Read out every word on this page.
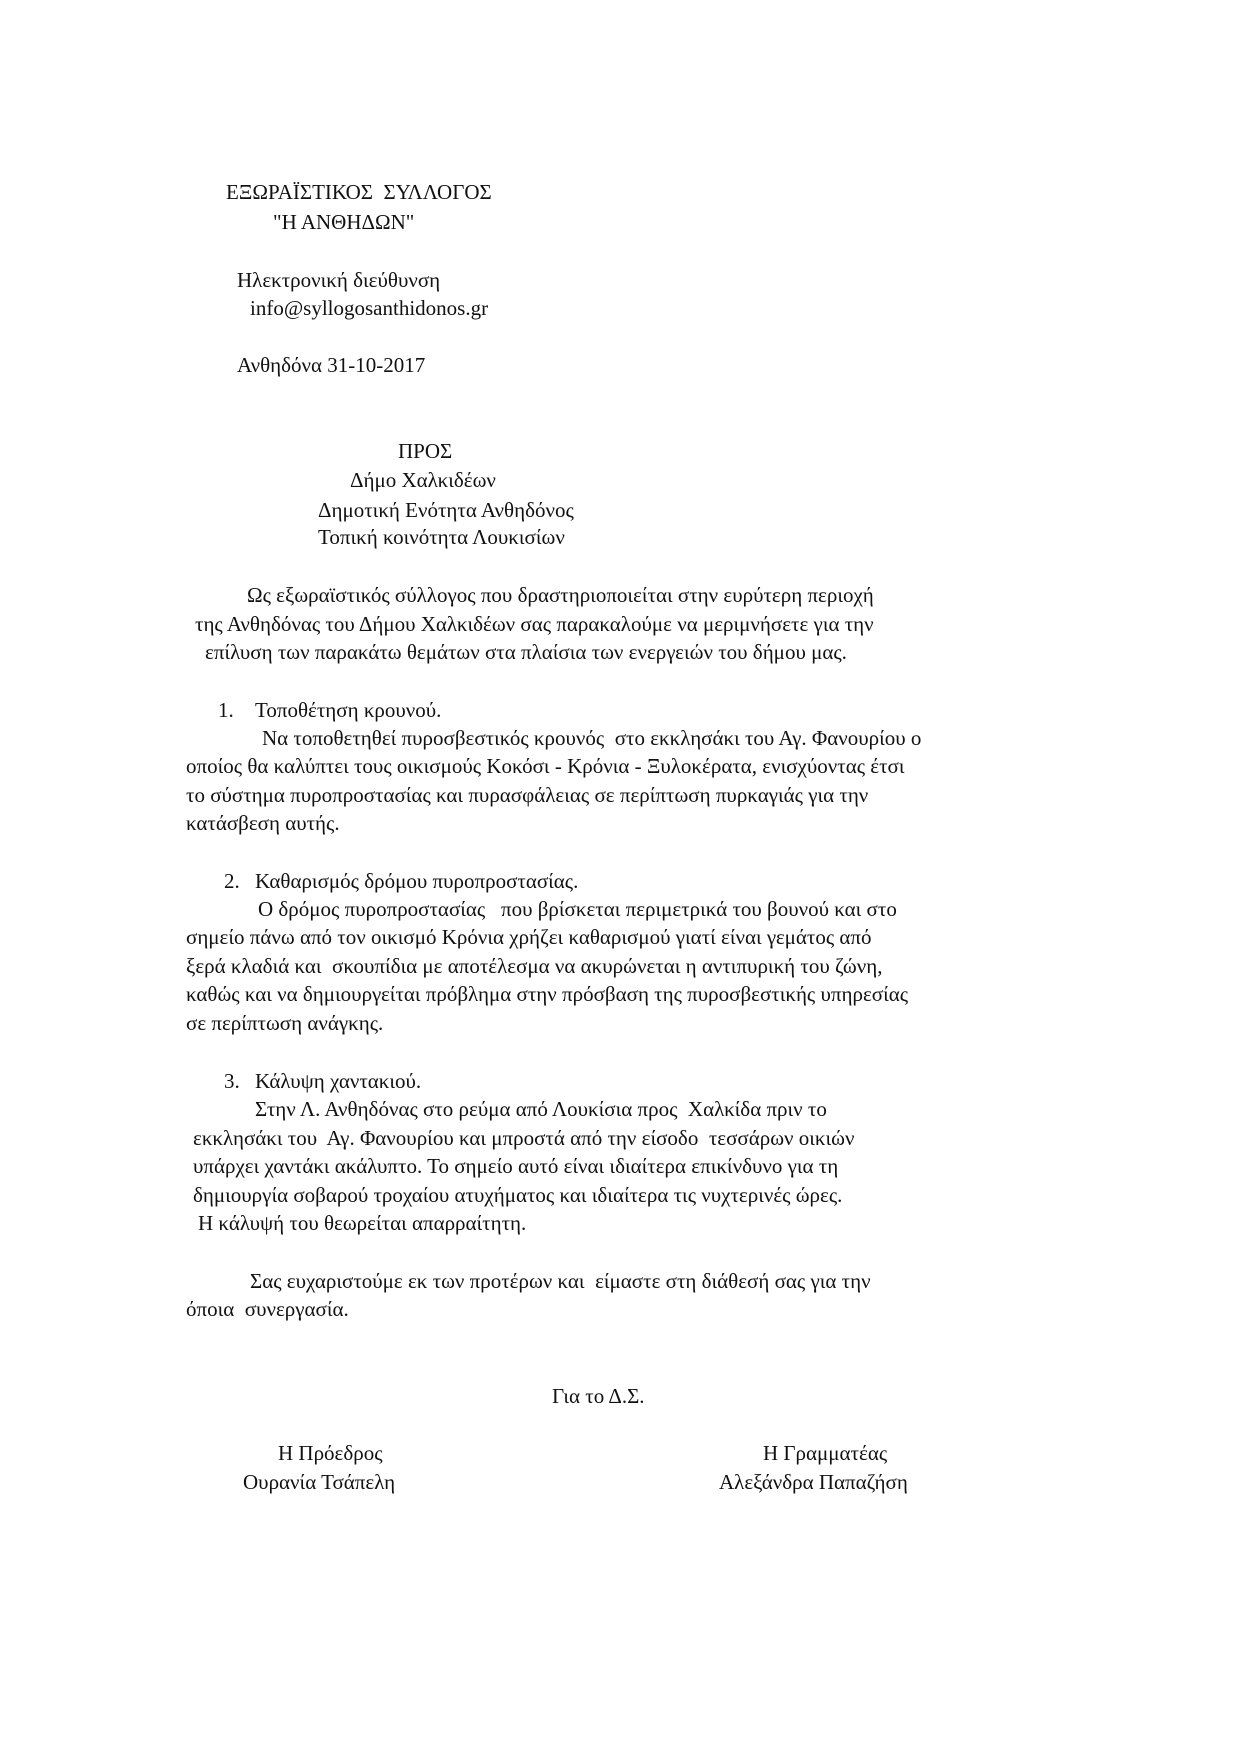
ΕΞΩΡΑΪΣΤΙΚΟΣ  ΣΥΛΛΟΓΟΣ
"Η ΑΝΘΗΔΩΝ"
Ηλεκτρονική διεύθυνση
info@syllogosanthidonos.gr
Ανθηδόνα 31-10-2017
ΠΡΟΣ
Δήμο Χαλκιδέων
Δημοτική Ενότητα Ανθηδόνος
Τοπική κοινότητα Λουκισίων
Ως εξωραϊστικός σύλλογος που δραστηριοποιείται στην ευρύτερη περιοχή
της Ανθηδόνας του Δήμου Χαλκιδέων σας παρακαλούμε να μεριμνήσετε για την
επίλυση των παρακάτω θεμάτων στα πλαίσια των ενεργειών του δήμου μας.
1. Τοποθέτηση κρουνού.
Να τοποθετηθεί πυροσβεστικός κρουνός  στο εκκλησάκι του Αγ. Φανουρίου ο
οποίος θα καλύπτει τους οικισμούς Κοκόσι - Κρόνια - Ξυλοκέρατα, ενισχύοντας έτσι
το σύστημα πυροπροστασίας και πυρασφάλειας σε περίπτωση πυρκαγιάς για την
κατάσβεση αυτής.
2. Καθαρισμός δρόμου πυροπροστασίας.
Ο δρόμος πυροπροστασίας   που βρίσκεται περιμετρικά του βουνού και στο
σημείο πάνω από τον οικισμό Κρόνια χρήζει καθαρισμού γιατί είναι γεμάτος από
ξερά κλαδιά και  σκουπίδια με αποτέλεσμα να ακυρώνεται η αντιπυρική του ζώνη,
καθώς και να δημιουργείται πρόβλημα στην πρόσβαση της πυροσβεστικής υπηρεσίας
σε περίπτωση ανάγκης.
3. Κάλυψη χαντακιού.
Στην Λ. Ανθηδόνας στο ρεύμα από Λουκίσια προς  Χαλκίδα πριν το
εκκλησάκι του  Αγ. Φανουρίου και μπροστά από την είσοδο  τεσσάρων οικιών
υπάρχει χαντάκι ακάλυπτο. Το σημείο αυτό είναι ιδιαίτερα επικίνδυνο για τη
δημιουργία σοβαρού τροχαίου ατυχήματος και ιδιαίτερα τις νυχτερινές ώρες.
Η κάλυψή του θεωρείται απαρραίτητη.
Σας ευχαριστούμε εκ των προτέρων και  είμαστε στη διάθεσή σας για την
όποια  συνεργασία.
Για το Δ.Σ.
Η Πρόεδρος
Ουρανία Τσάπελη
Η Γραμματέας
Αλεξάνδρα Παπαζήση
